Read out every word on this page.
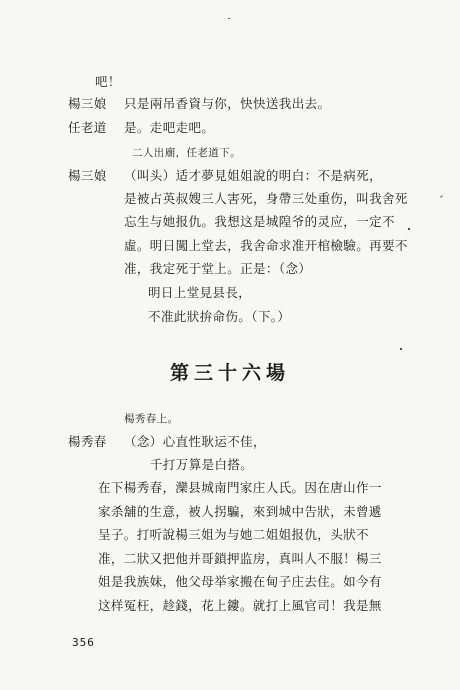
吧！
楊三娘 只是兩吊香資与你，快快送我出去。
任老道 是。走吧走吧。
二人出廟，任老道下。
楊三娘 （叫头）适才夢見姐姐說的明白：不是病死，
是被占英叔嫂三人害死，身帶三处重伤，叫我舍死
忘生与她报仇。我想这是城隍爷的灵应，一定不
虛。明日闖上堂去，我舍命求准开棺檢驗。再要不
准，我定死于堂上。正是：（念）
明日上堂見县長，
不准此狀拚命伤。（下。）
第三十六場
楊秀春上。
楊秀春 （念）心直性耿运不佳，
千打万算是白搭。
在下楊秀春，灤县城南門家庄人氏。因在唐山作一
家杀舖的生意，被人拐騙，來到城中告狀，未曾遞
呈子。打听說楊三姐为与她二姐姐报仇，头狀不
准，二狀又把他并哥鎖押监房，真叫人不服！楊三
姐是我族妹，他父母举家搬在甸子庄去住。如今有
这样冤枉，趁錢，花上鏤。就打上風官司！我是無
356
